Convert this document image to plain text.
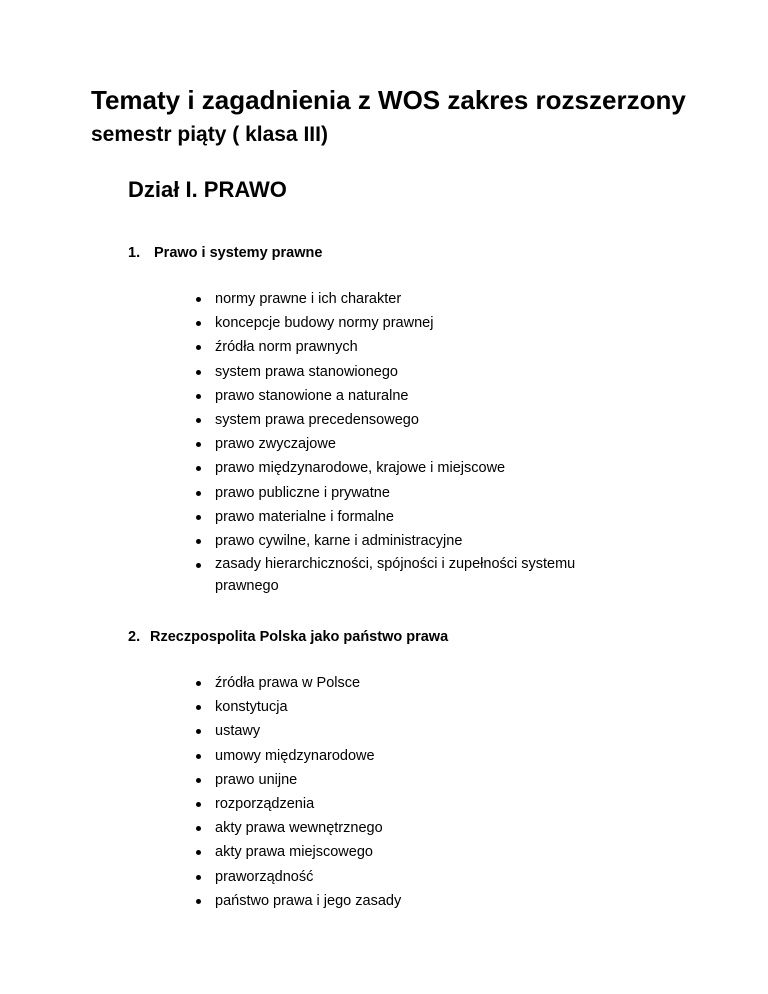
Tematy i zagadnienia z WOS zakres rozszerzony
semestr piąty ( klasa III)
Dział I. PRAWO

1. Prawo i systemy prawne

normy prawne i ich charakter
koncepcje budowy normy prawnej
źródła norm prawnych
system prawa stanowionego
prawo stanowione a naturalne
system prawa precedensowego
prawo zwyczajowe
prawo międzynarodowe, krajowe i miejscowe
prawo publiczne i prywatne
prawo materialne i formalne
prawo cywilne, karne i administracyjne
zasady hierarchiczności, spójności i zupełności systemu prawnego

2. Rzeczpospolita Polska jako państwo prawa

źródła prawa w Polsce
konstytucja
ustawy
umowy międzynarodowe
prawo unijne
rozporządzenia
akty prawa wewnętrznego
akty prawa miejscowego
praworządność
państwo prawa i jego zasady
